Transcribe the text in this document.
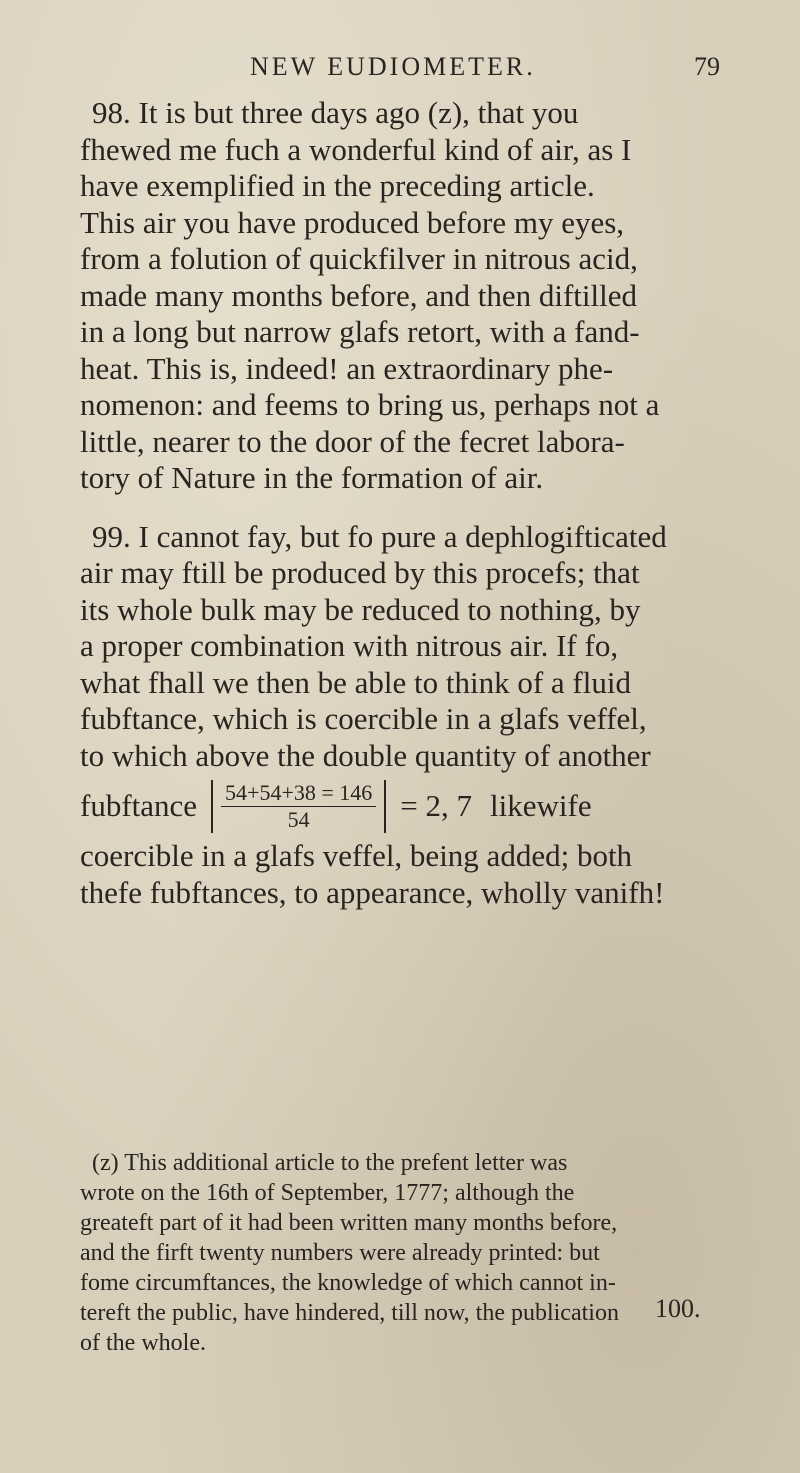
NEW EUDIOMETER.	79
98. It is but three days ago (z), that you
fhewed me fuch a wonderful kind of air, as I
have exemplified in the preceding article.
This air you have produced before my eyes,
from a folution of quickfilver in nitrous acid,
made many months before, and then diftilled
in a long but narrow glafs retort, with a fand-
heat. This is, indeed! an extraordinary phe-
nomenon: and feems to bring us, perhaps not a
little, nearer to the door of the fecret labora-
tory of Nature in the formation of air.
99. I cannot fay, but fo pure a dephlogifticated
air may ftill be produced by this procefs; that
its whole bulk may be reduced to nothing, by
a proper combination with nitrous air. If fo,
what fhall we then be able to think of a fluid
fubftance, which is coercible in a glafs veffel,
to which above the double quantity of another
fubftance $\frac{54+54+38 = 146}{54} = 2$, 7 likewife
coercible in a glafs veffel, being added; both
thefe fubftances, to appearance, wholly vanifh!
(z) This additional article to the prefent letter was
wrote on the 16th of September, 1777; although the
greateft part of it had been written many months before,
and the firft twenty numbers were already printed: but
fome circumftances, the knowledge of which cannot in-
tereft the public, have hindered, till now, the publication
of the whole.
100.
